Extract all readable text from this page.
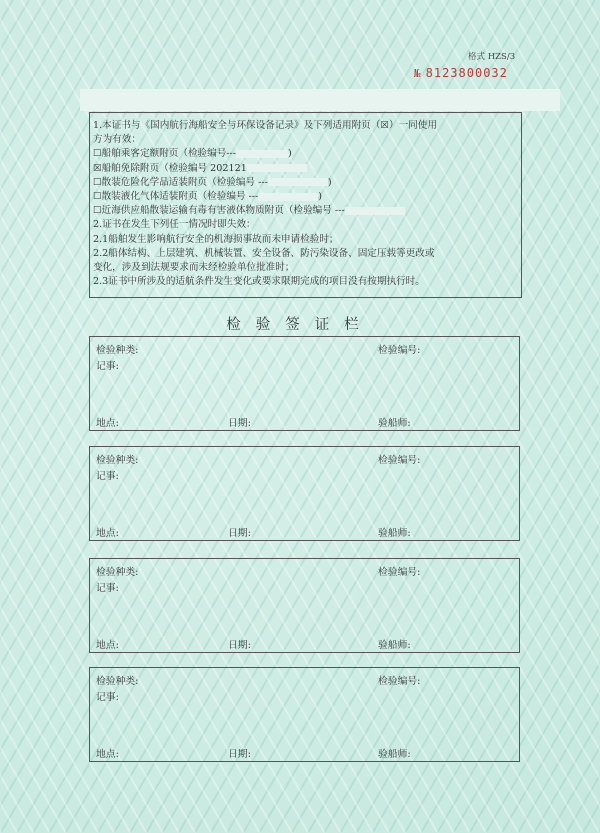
格式 HZS/3
№ 8123800032
1.本证书与《国内航行海船安全与环保设备记录》及下列适用附页（☒）一同使用
方为有效：
☐船舶乘客定额附页（检验编号---	)
☒船舶免除附页（检验编号 202121
☐散装危险化学品适装附页（检验编号 ---	)
☐散装液化气体适装附页（检验编号 ---	)
☐近海供应船散装运输有毒有害液体物质附页（检验编号 ---
2.证书在发生下列任一情况时即失效：
2.1船舶发生影响航行安全的机海损事故而未申请检验时；
2.2船体结构、上层建筑、机械装置、安全设备、防污染设备、固定压载等更改或
变化，涉及到法规要求而未经检验单位批准时；
2.3证书中所涉及的适航条件发生变化或要求限期完成的项目没有按期执行时。
检验签证栏
检验种类:	检验编号:
记事:
地点:	日期:	验船师:
检验种类:	检验编号:
记事:
地点:	日期:	验船师:
检验种类:	检验编号:
记事:
地点:	日期:	验船师:
检验种类:	检验编号:
记事:
地点:	日期:	验船师:
